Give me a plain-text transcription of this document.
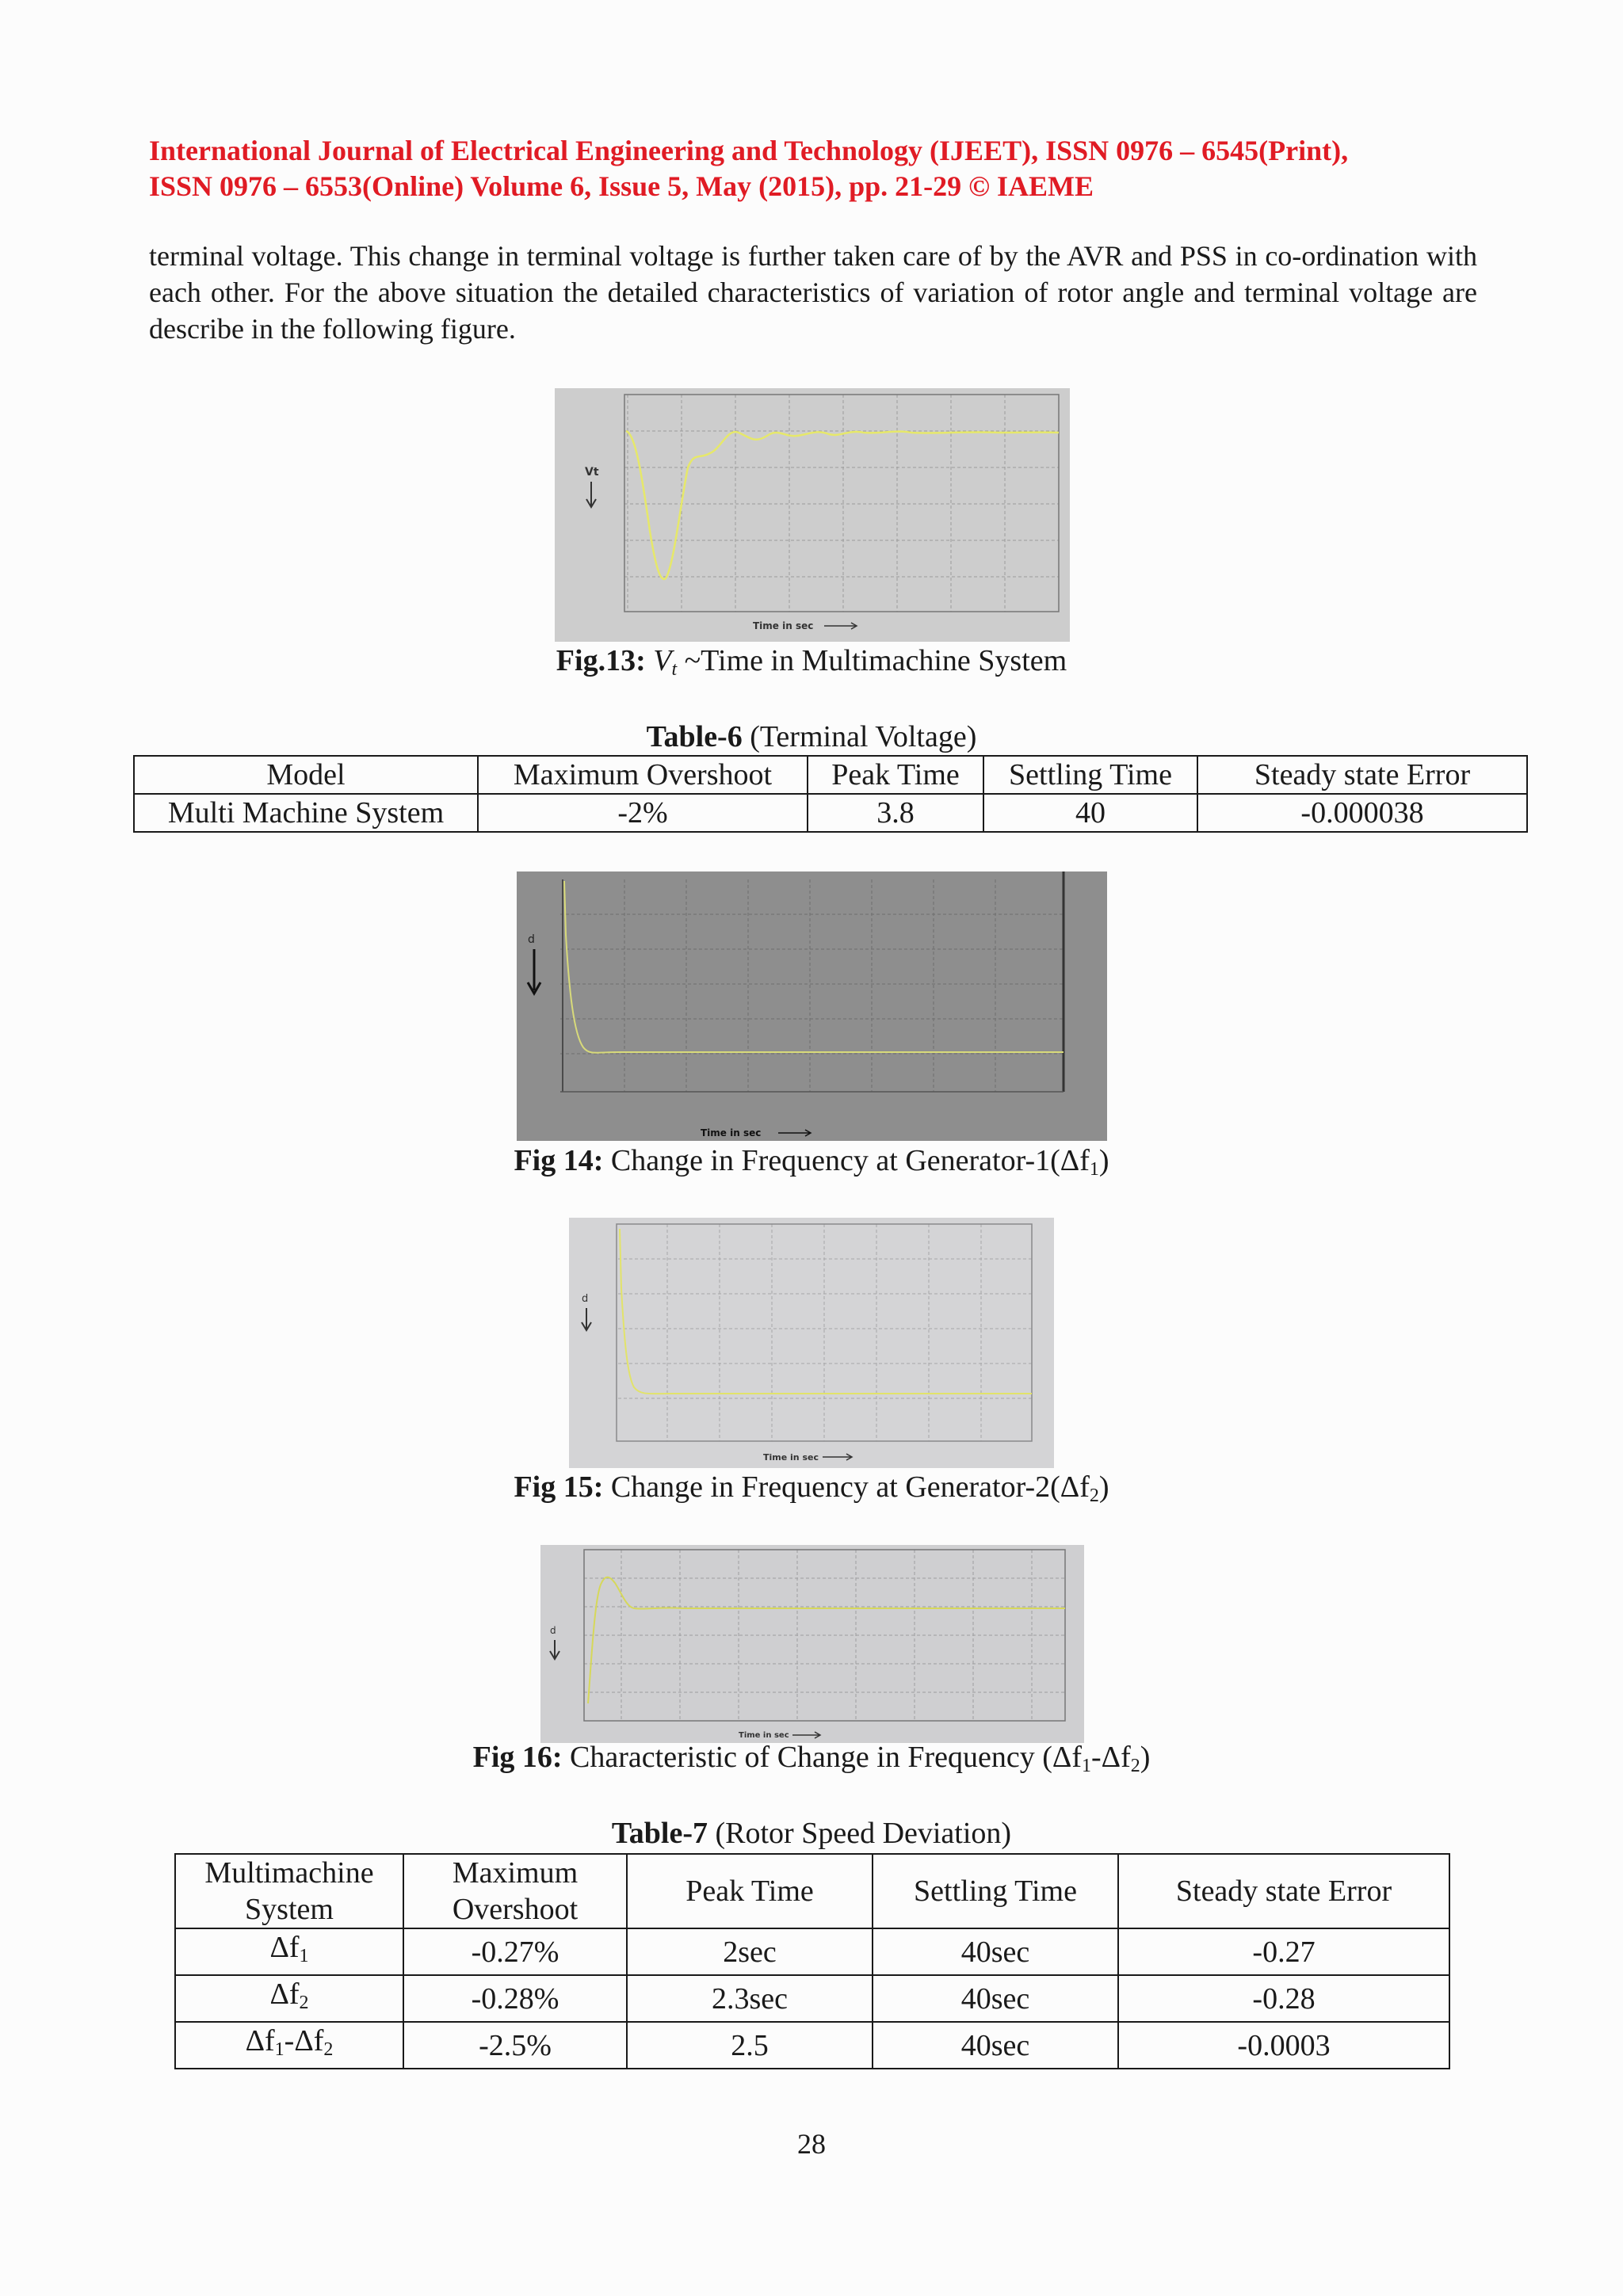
International Journal of Electrical Engineering and Technology (IJEET), ISSN 0976 – 6545(Print),
ISSN 0976 – 6553(Online) Volume 6, Issue 5, May (2015), pp. 21-29 © IAEME

terminal voltage. This change in terminal voltage is further taken care of by the AVR and PSS in co-ordination with each other. For the above situation the detailed characteristics of variation of rotor angle and terminal voltage are describe in the following figure.

Vt
Time in sec
Fig.13: $V_t$ ~Time in Multimachine System
Table-6 (Terminal Voltage)
Model	Maximum Overshoot	Peak Time	Settling Time	Steady state Error
Multi Machine System	-2%	3.8	40	-0.000038
d
Time in sec
Fig 14: Change in Frequency at Generator-$1(\Delta f_1)$
d
Time in sec
Fig 15: Change in Frequency at Generator-$2(\Delta f_2)$
d
Time in sec
Fig 16: Characteristic of Change in Frequency $(\Delta f_1-\Delta f_2)$
Table-7 (Rotor Speed Deviation)
Multimachine System	Maximum Overshoot	Peak Time	Settling Time	Steady state Error
$\Delta f_1$	-0.27%	2sec	40sec	-0.27
$\Delta f_2$	-0.28%	2.3sec	40sec	-0.28
$\Delta f_1-\Delta f_2$	-2.5%	2.5	40sec	-0.0003
28
